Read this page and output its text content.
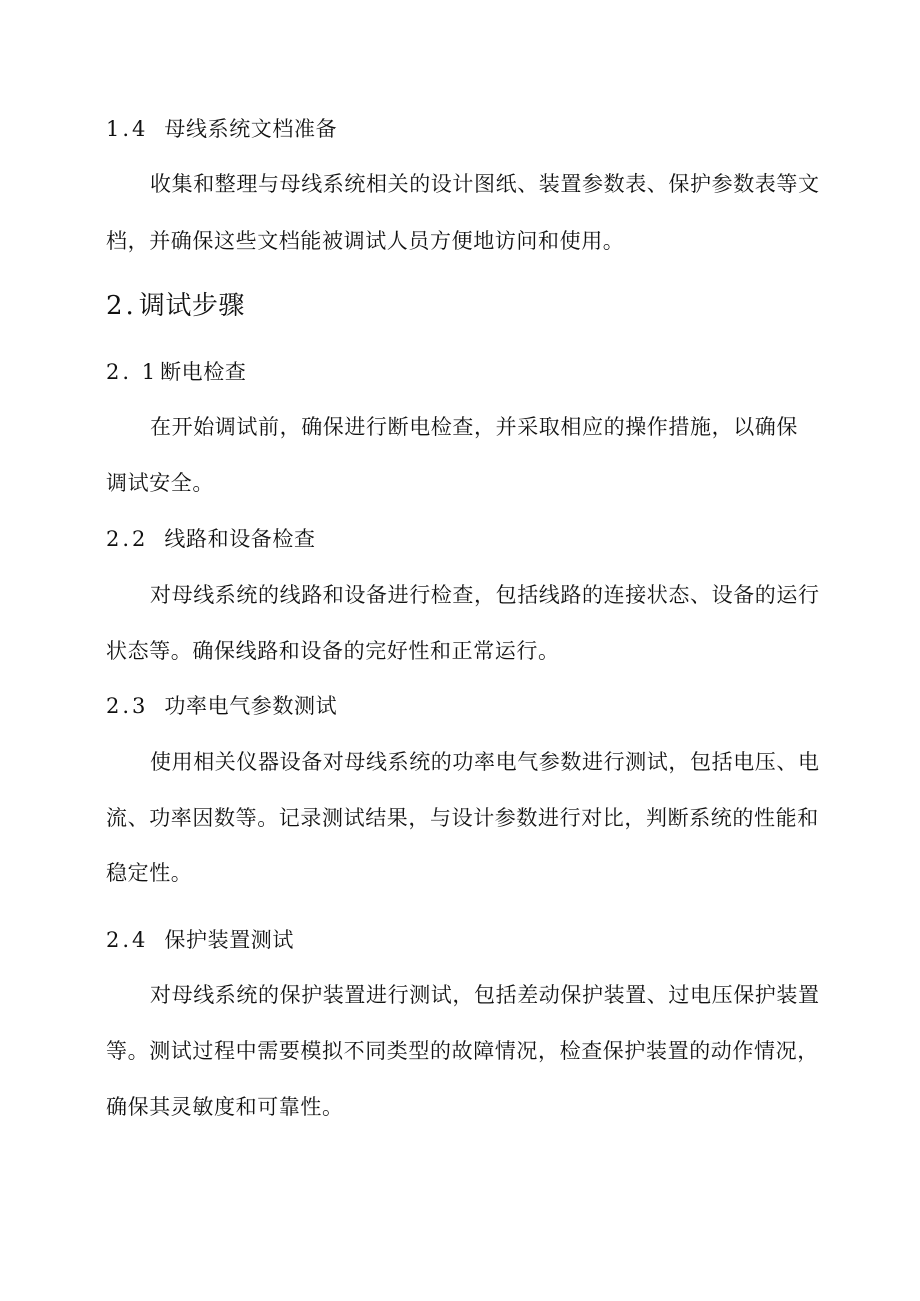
1.4 母线系统文档准备
收集和整理与母线系统相关的设计图纸、装置参数表、保护参数表等文
档，并确保这些文档能被调试人员方便地访问和使用。
2.调试步骤
2. 1断电检查
在开始调试前，确保进行断电检查，并采取相应的操作措施，以确保
调试安全。
2.2 线路和设备检查
对母线系统的线路和设备进行检查，包括线路的连接状态、设备的运行
状态等。确保线路和设备的完好性和正常运行。
2.3 功率电气参数测试
使用相关仪器设备对母线系统的功率电气参数进行测试，包括电压、电
流、功率因数等。记录测试结果，与设计参数进行对比，判断系统的性能和
稳定性。
2.4 保护装置测试
对母线系统的保护装置进行测试，包括差动保护装置、过电压保护装置
等。测试过程中需要模拟不同类型的故障情况，检查保护装置的动作情况，
确保其灵敏度和可靠性。
